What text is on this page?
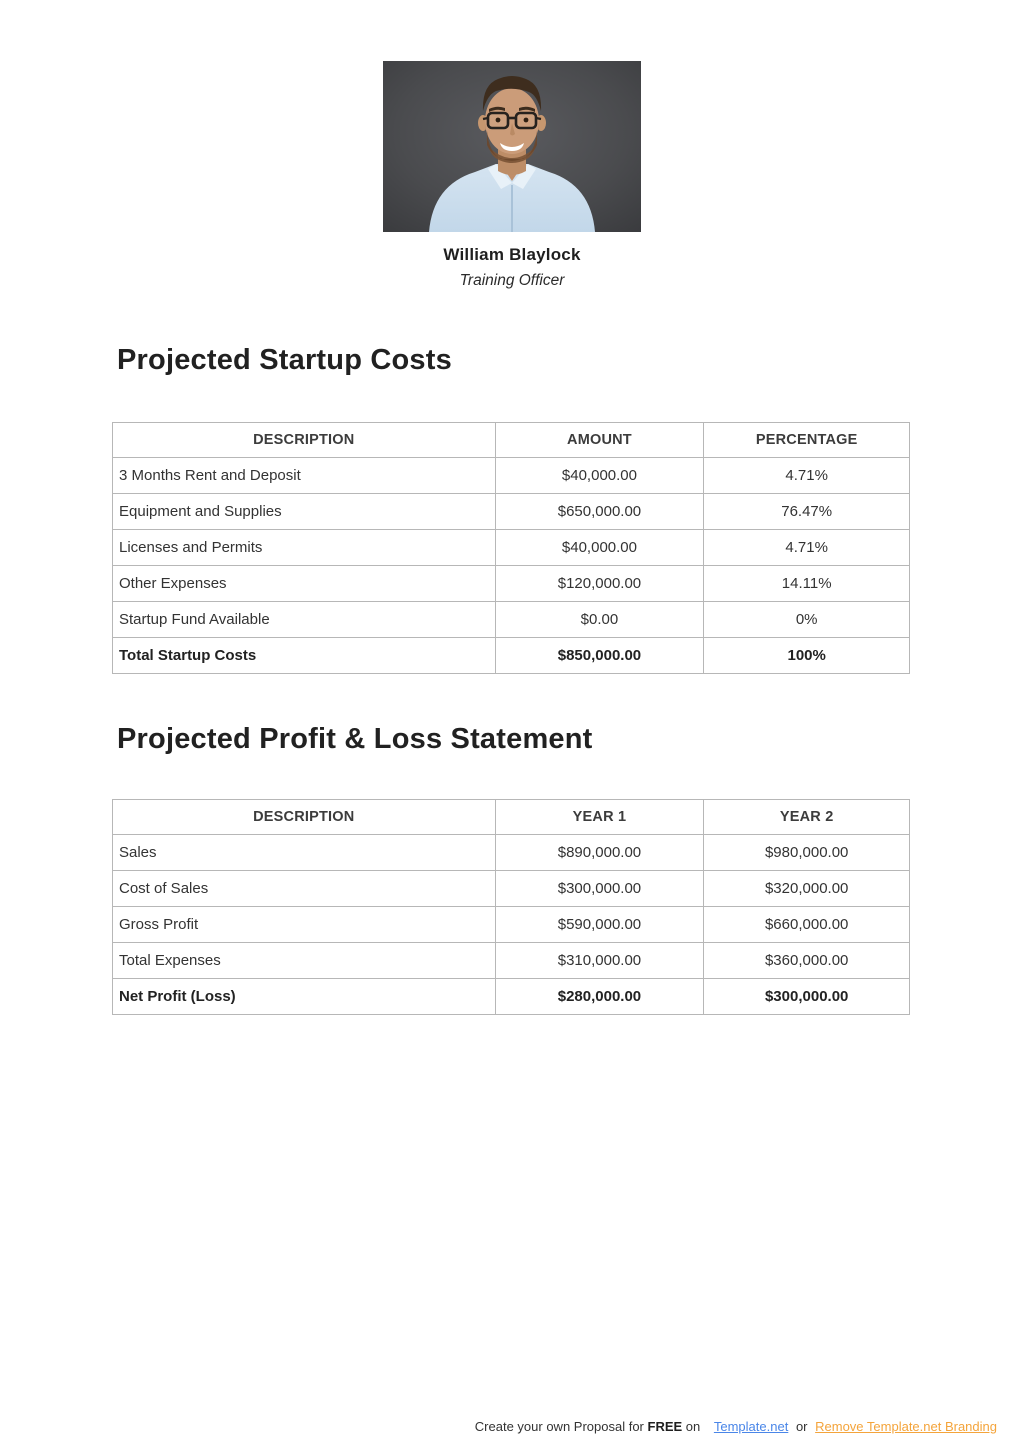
William Blaylock
Training Officer
Projected Startup Costs
DESCRIPTION	AMOUNT	PERCENTAGE
3 Months Rent and Deposit	$40,000.00	4.71%
Equipment and Supplies	$650,000.00	76.47%
Licenses and Permits	$40,000.00	4.71%
Other Expenses	$120,000.00	14.11%
Startup Fund Available	$0.00	0%
Total Startup Costs	$850,000.00	100%
Projected Profit & Loss Statement
DESCRIPTION	YEAR 1	YEAR 2
Sales	$890,000.00	$980,000.00
Cost of Sales	$300,000.00	$320,000.00
Gross Profit	$590,000.00	$660,000.00
Total Expenses	$310,000.00	$360,000.00
Net Profit (Loss)	$280,000.00	$300,000.00
Create your own Proposal for FREE on Template.net or Remove Template.net Branding
